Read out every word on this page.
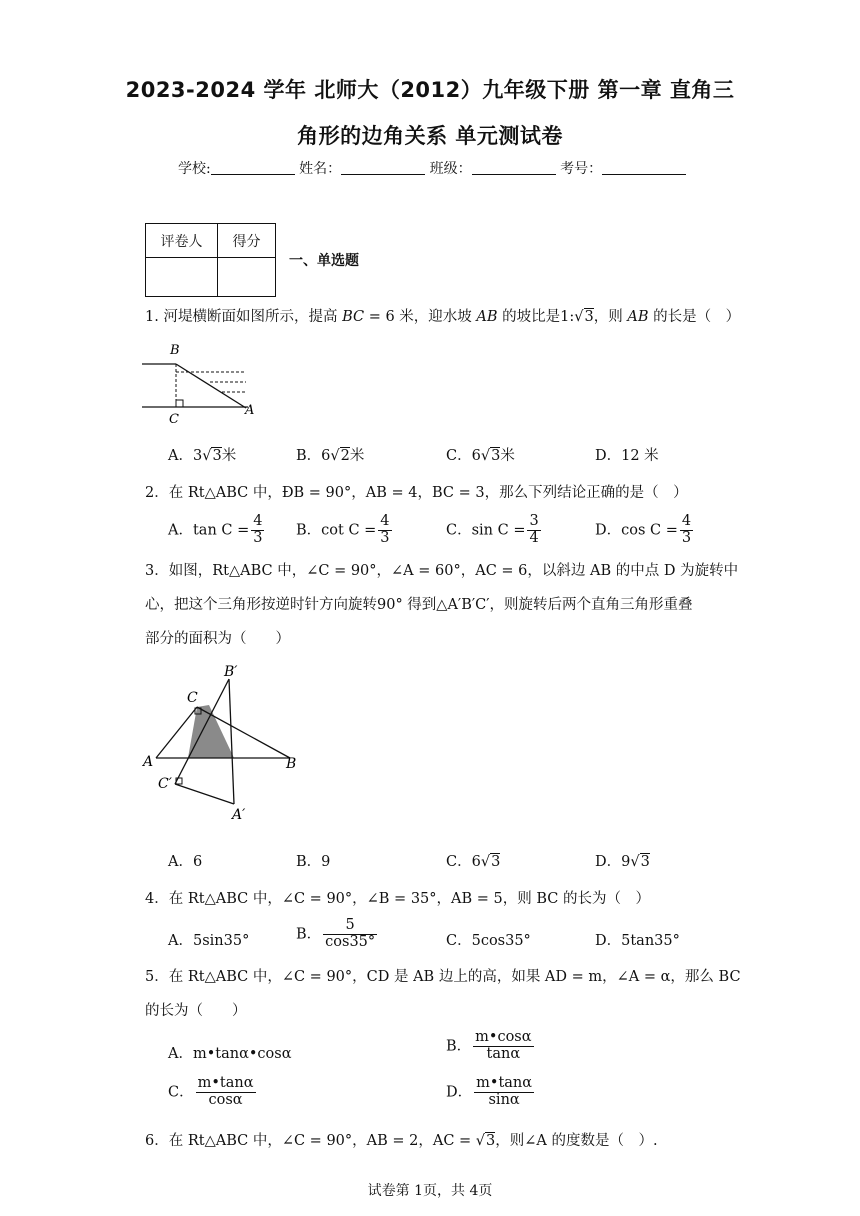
2023-2024 学年 北师大（2012）九年级下册 第一章 直角三
角形的边角关系 单元测试卷
学校:	姓名：	班级：	考号：
评卷人	得分

一、单选题
1. 河堤横断面如图所示，提高 BC = 6 米，迎水坡 AB 的坡比是1:√3，则 AB 的长是（　）
B
C
A
A．3√3米	B．6√2米	C．6√3米	D．12 米
2．在 Rt△ABC 中，ÐB = 90°，AB = 4，BC = 3，那么下列结论正确的是（　）
A．$\tan C = \frac{4}{3}$ B．$\cot C = \frac{4}{3}$	C．$\sin C = \frac{3}{4}$	D．$\cos C = \frac{4}{3}$
3．如图，Rt△ABC 中，∠C = 90°，∠A = 60°，AC = 6，以斜边 AB 的中点 D 为旋转中
心，把这个三角形按逆时针方向旋转90° 得到△A′B′C′，则旋转后两个直角三角形重叠
部分的面积为（　　）
B′
C
A	B
C′
A′
A．6	B．9	C．6√3	D．9√3
4．在 Rt△ABC 中，∠C = 90°，∠B = 35°，AB = 5，则 BC 的长为（　）
A．5sin35°	B． $\frac{5}{\cos 35^\circ}$	C．5cos35°	D．5tan35°
5．在 Rt△ABC 中，∠C = 90°，CD 是 AB 边上的高，如果 AD = m，∠A = α，那么 BC
的长为（　　）
A．m•tanα•cosα	B． $\frac{m•\cos\alpha}{\tan\alpha}$
C． $\frac{m•\tan\alpha}{\cos\alpha}$	D． $\frac{m•\tan\alpha}{\sin\alpha}$
6．在 Rt△ABC 中，∠C = 90°，AB = 2，AC = √3，则∠A 的度数是（　）.
试卷第 1页，共 4页
